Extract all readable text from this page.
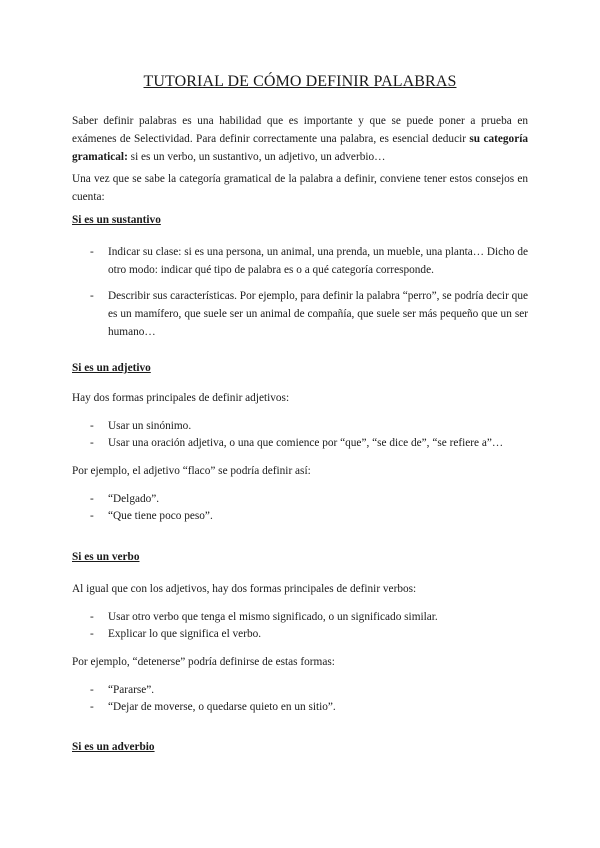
TUTORIAL DE CÓMO DEFINIR PALABRAS

Saber definir palabras es una habilidad que es importante y que se puede poner a prueba en exámenes de Selectividad. Para definir correctamente una palabra, es esencial deducir su categoría gramatical: si es un verbo, un sustantivo, un adjetivo, un adverbio…

Una vez que se sabe la categoría gramatical de la palabra a definir, conviene tener estos consejos en cuenta:

Si es un sustantivo

-	Indicar su clase: si es una persona, un animal, una prenda, un mueble, una planta… Dicho de otro modo: indicar qué tipo de palabra es o a qué categoría corresponde.
-	Describir sus características. Por ejemplo, para definir la palabra “perro”, se podría decir que es un mamífero, que suele ser un animal de compañía, que suele ser más pequeño que un ser humano…

Si es un adjetivo

Hay dos formas principales de definir adjetivos:

-	Usar un sinónimo.
-	Usar una oración adjetiva, o una que comience por “que”, “se dice de”, “se refiere a”…

Por ejemplo, el adjetivo “flaco” se podría definir así:

-	“Delgado”.
-	“Que tiene poco peso”.

Si es un verbo

Al igual que con los adjetivos, hay dos formas principales de definir verbos:

-	Usar otro verbo que tenga el mismo significado, o un significado similar.
-	Explicar lo que significa el verbo.

Por ejemplo, “detenerse” podría definirse de estas formas:

-	“Pararse”.
-	“Dejar de moverse, o quedarse quieto en un sitio”.

Si es un adverbio
